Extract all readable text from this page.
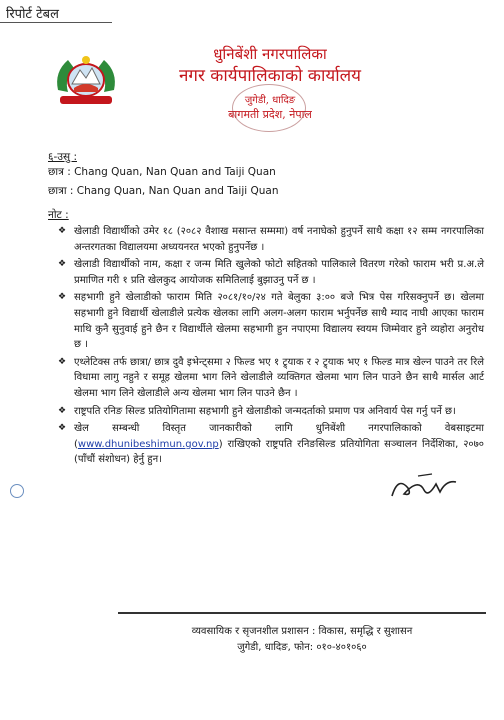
रिपोर्ट टेबल
धुनिबेंशी नगरपालिका
नगर कार्यपालिकाको कार्यालय
जुगेडी, धादिङ
बागमती प्रदेश, नेपाल
६-उसु :
छात्र : Chang Quan, Nan Quan and Taiji Quan
छात्रा : Chang Quan, Nan Quan and Taiji Quan
नोट :
❖ खेलाडी विद्यार्थीको उमेर १८ (२०८२ वैशाख मसान्त सम्ममा) वर्ष ननाघेको हुनुपर्ने साथै कक्षा १२ सम्म नगरपालिका अन्तरगतका विद्यालयमा अध्ययनरत भएको हुनुपर्नेछ ।
❖ खेलाडी विद्यार्थीको नाम, कक्षा र जन्म मिति खुलेको फोटो सहितको पालिकाले वितरण गरेको फाराम भरी प्र.अ.ले प्रमाणित गरी १ प्रति खेलकुद आयोजक समितिलाई बुझाउनु पर्ने छ ।
❖ सहभागी हुने खेलाडीको फाराम मिति २०८१/१०/२४ गते बेलुका ३:०० बजे भित्र पेस गरिसक्नुपर्ने छ। खेलमा सहभागी हुने विद्यार्थी खेलाडीले प्रत्येक खेलका लागि अलग-अलग फाराम भर्नुपर्नेछ साथै म्याद नाघी आएका फाराम माथि कुनै सुनुवाई हुने छैन र विद्यार्थीले खेलमा सहभागी हुन नपाएमा विद्यालय स्वयम जिम्मेवार हुने व्यहोरा अनुरोध छ ।
❖ एथ्लेटिक्स तर्फ छात्रा/ छात्र दुवै इभेन्ट्समा २ फिल्ड भए १ ट्र्याक र २ ट्र्याक भए १ फिल्ड मात्र खेल्न पाउने तर रिले विधामा लागु नहुने र समूह खेलमा भाग लिने खेलाडीले व्यक्तिगत खेलमा भाग लिन पाउने छैन साथै मार्सल आर्ट खेलमा भाग लिने खेलाडीले अन्य खेलमा भाग लिन पाउने छैन ।
❖ राष्ट्रपति रनिङ सिल्ड प्रतियोगितामा सहभागी हुने खेलाडीको जन्मदर्ताको प्रमाण पत्र अनिवार्य पेस गर्नु पर्ने छ।
❖ खेल सम्बन्धी विस्तृत जानकारीको लागि धुनिबेंशी नगरपालिकाको वेबसाइटमा (www.dhunibeshimun.gov.np) राखिएको राष्ट्रपति रनिङसिल्ड प्रतियोगिता सञ्चालन निर्देशिका, २०७० (पाँचौं संशोधन) हेर्नु हुन।
व्यवसायिक र सृजनशील प्रशासन : विकास, समृद्धि र सुशासन
जुगेडी, धादिङ, फोन: ०१०-४०१०६०
